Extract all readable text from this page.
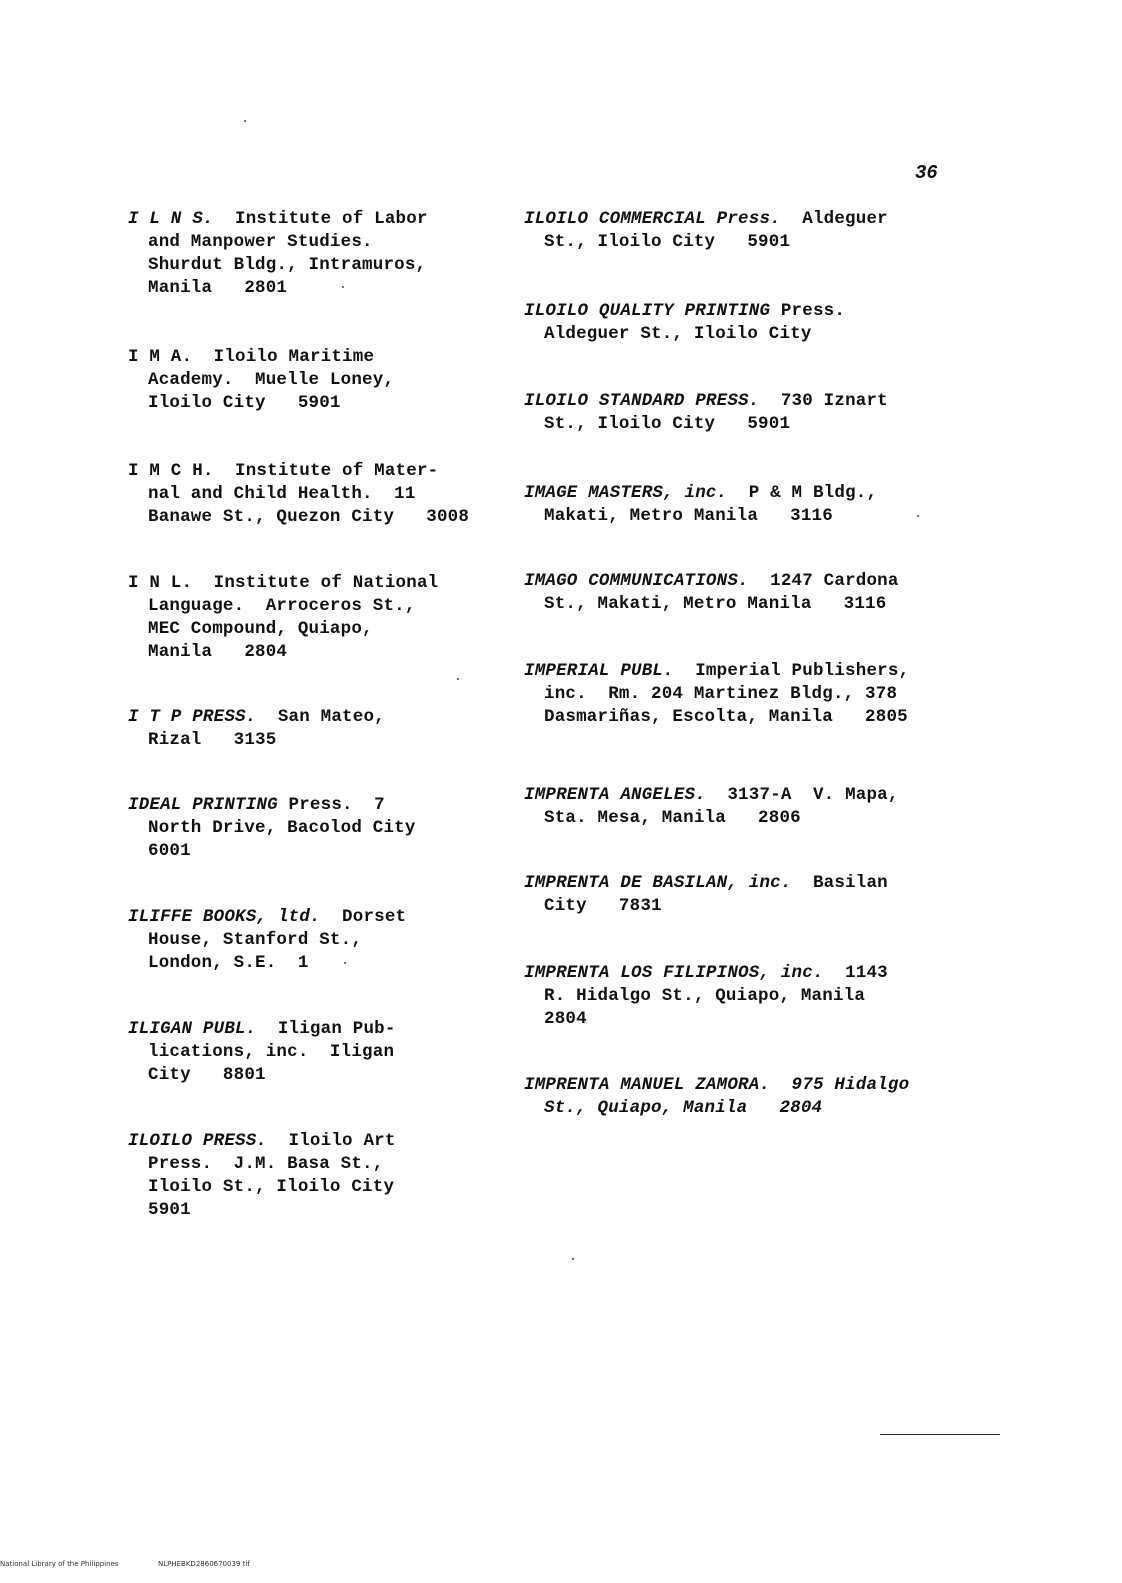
36
I L N S. Institute of Labor
and Manpower Studies.
Shurdut Bldg., Intramuros,
Manila   2801
I M A. Iloilo Maritime
Academy.  Muelle Loney,
Iloilo City   5901
I M C H. Institute of Mater-
nal and Child Health.  11
Banawe St., Quezon City   3008
I N L. Institute of National
Language.  Arroceros St.,
MEC Compound, Quiapo,
Manila   2804
I T P PRESS. San Mateo,
Rizal   3135
IDEAL PRINTING Press.  7
North Drive, Bacolod City
6001
ILIFFE BOOKS, ltd. Dorset
House, Stanford St.,
London, S.E.  1
ILIGAN PUBL. Iligan Pub-
lications, inc.  Iligan
City   8801
ILOILO PRESS. Iloilo Art
Press.  J.M. Basa St.,
Iloilo St., Iloilo City
5901
ILOILO COMMERCIAL Press. Aldeguer
St., Iloilo City   5901
ILOILO QUALITY PRINTING Press.
Aldeguer St., Iloilo City
ILOILO STANDARD PRESS. 730 Iznart
St., Iloilo City   5901
IMAGE MASTERS, inc. P & M Bldg.,
Makati, Metro Manila   3116
IMAGO COMMUNICATIONS. 1247 Cardona
St., Makati, Metro Manila   3116
IMPERIAL PUBL. Imperial Publishers,
inc.  Rm. 204 Martinez Bldg., 378
Dasmariñas, Escolta, Manila   2805
IMPRENTA ANGELES. 3137-A  V. Mapa,
Sta. Mesa, Manila   2806
IMPRENTA DE BASILAN, inc. Basilan
City   7831
IMPRENTA LOS FILIPINOS, inc. 1143
R. Hidalgo St., Quiapo, Manila
2804
IMPRENTA MANUEL ZAMORA. 975 Hidalgo
St., Quiapo, Manila   2804
National Library of the Philippines	NLPHEBKD2860670039 tif
